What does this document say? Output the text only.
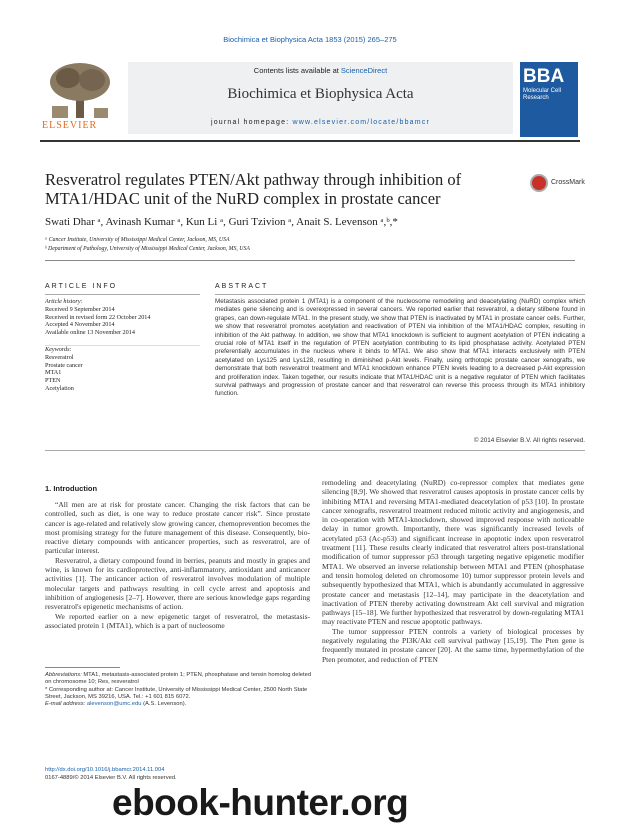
Biochimica et Biophysica Acta 1853 (2015) 265–275
ELSEVIER
Contents lists available at ScienceDirect
Biochimica et Biophysica Acta
journal homepage: www.elsevier.com/locate/bbamcr
BBA
Molecular Cell Research
Resveratrol regulates PTEN/Akt pathway through inhibition of MTA1/HDAC unit of the NuRD complex in prostate cancer
CrossMark
Swati Dhar ᵃ, Avinash Kumar ᵃ, Kun Li ᵃ, Guri Tzivion ᵃ, Anait S. Levenson ᵃ,ᵇ,*
ᵃ Cancer Institute, University of Mississippi Medical Center, Jackson, MS, USA
ᵇ Department of Pathology, University of Mississippi Medical Center, Jackson, MS, USA
ARTICLE INFO	ABSTRACT
Article history:
Received 9 September 2014
Received in revised form 22 October 2014
Accepted 4 November 2014
Available online 13 November 2014
Keywords:
Resveratrol
Prostate cancer
MTA1
PTEN
Acetylation
Metastasis associated protein 1 (MTA1) is a component of the nucleosome remodeling and deacetylating (NuRD) complex which mediates gene silencing and is overexpressed in several cancers. We reported earlier that resveratrol, a dietary stilbene found in grapes, can down-regulate MTA1. In the present study, we show that PTEN is inactivated by MTA1 in prostate cancer cells. Further, we show that resveratrol promotes acetylation and reactivation of PTEN via inhibition of the MTA1/HDAC complex, resulting in inhibition of the Akt pathway. In addition, we show that MTA1 knockdown is sufficient to augment acetylation of PTEN indicating a crucial role of MTA1 itself in the regulation of PTEN acetylation contributing to its lipid phosphatase activity. Acetylated PTEN preferentially accumulates in the nucleus where it binds to MTA1. We also show that MTA1 interacts exclusively with PTEN acetylated on Lys125 and Lys128, resulting in diminished p-Akt levels. Finally, using orthotopic prostate cancer xenografts, we demonstrate that both resveratrol treatment and MTA1 knockdown enhance PTEN levels leading to a decreased p-Akt expression and proliferation index. Taken together, our results indicate that MTA1/HDAC unit is a negative regulator of PTEN which facilitates survival pathways and progression of prostate cancer and that resveratrol can reverse this process through its MTA1 inhibitory function.
© 2014 Elsevier B.V. All rights reserved.
1. Introduction

“All men are at risk for prostate cancer. Changing the risk factors that can be controlled, such as diet, is one way to reduce prostate cancer risk”. Since prostate cancer is age-related and relatively slow growing cancer, chemoprevention becomes the most promising strategy for the future management of this disease. Consequently, bio-reactive dietary compounds with anticancer properties, such as resveratrol, are of particular interest.

Resveratrol, a dietary compound found in berries, peanuts and mostly in grapes and wine, is known for its cardioprotective, anti-inflammatory, antioxidant and anticancer activities [1]. The anticancer action of resveratrol involves modulation of multiple molecular targets and pathways resulting in cell cycle arrest and apoptosis and inhibition of angiogenesis [2–7]. However, there are serious knowledge gaps regarding resveratrol's epigenetic mechanisms of action.

We reported earlier on a new epigenetic target of resveratrol, the metastasis-associated protein 1 (MTA1), which is a part of nucleosome

remodeling and deacetylating (NuRD) co-repressor complex that mediates gene silencing [8,9]. We showed that resveratrol causes apoptosis in prostate cancer cells by inhibiting MTA1 and reversing MTA1-mediated deacetylation of p53 [10]. In prostate cancer xenografts, resveratrol treatment reduced mitotic activity and angiogenesis, and in co-operation with MTA1-knockdown, showed improved response with noticeable delay in tumor growth. Importantly, there was significantly increased levels of acetylated p53 (Ac-p53) and significant increase in apoptotic index upon resveratrol treatment [11]. These results clearly indicated that resveratrol alters post-translational modification of tumor suppressor p53 through targeting negative epigenetic modifier MTA1. We observed an inverse relationship between MTA1 and PTEN (phosphatase and tensin homolog deleted on chromosome 10) tumor suppressor protein levels and subsequently hypothesized that MTA1, which is abundantly accumulated in aggressive prostate cancer and metastasis [12–14], may participate in the deacetylation and inactivation of PTEN thereby activating downstream Akt cell survival and migration pathways [15–18]. We further hypothesized that resveratrol by down-regulating MTA1 may reactivate PTEN and rescue apoptotic pathways.

The tumor suppressor PTEN controls a variety of biological processes by negatively regulating the PI3K/Akt cell survival pathway [15,19]. The Pten gene is frequently mutated in prostate cancer [20]. At the same time, hypermethylation of the Pten promoter, and reduction of PTEN

Abbreviations: MTA1, metastasis-associated protein 1; PTEN, phosphatase and tensin homolog deleted on chromosome 10; Res, resveratrol
* Corresponding author at: Cancer Institute, University of Mississippi Medical Center, 2500 North State Street, Jackson, MS 39216, USA. Tel.: +1 601 815 6072.
E-mail address: alevenson@umc.edu (A.S. Levenson).
http://dx.doi.org/10.1016/j.bbamcr.2014.11.004
0167-4889/© 2014 Elsevier B.V. All rights reserved.
ebook-hunter.org
